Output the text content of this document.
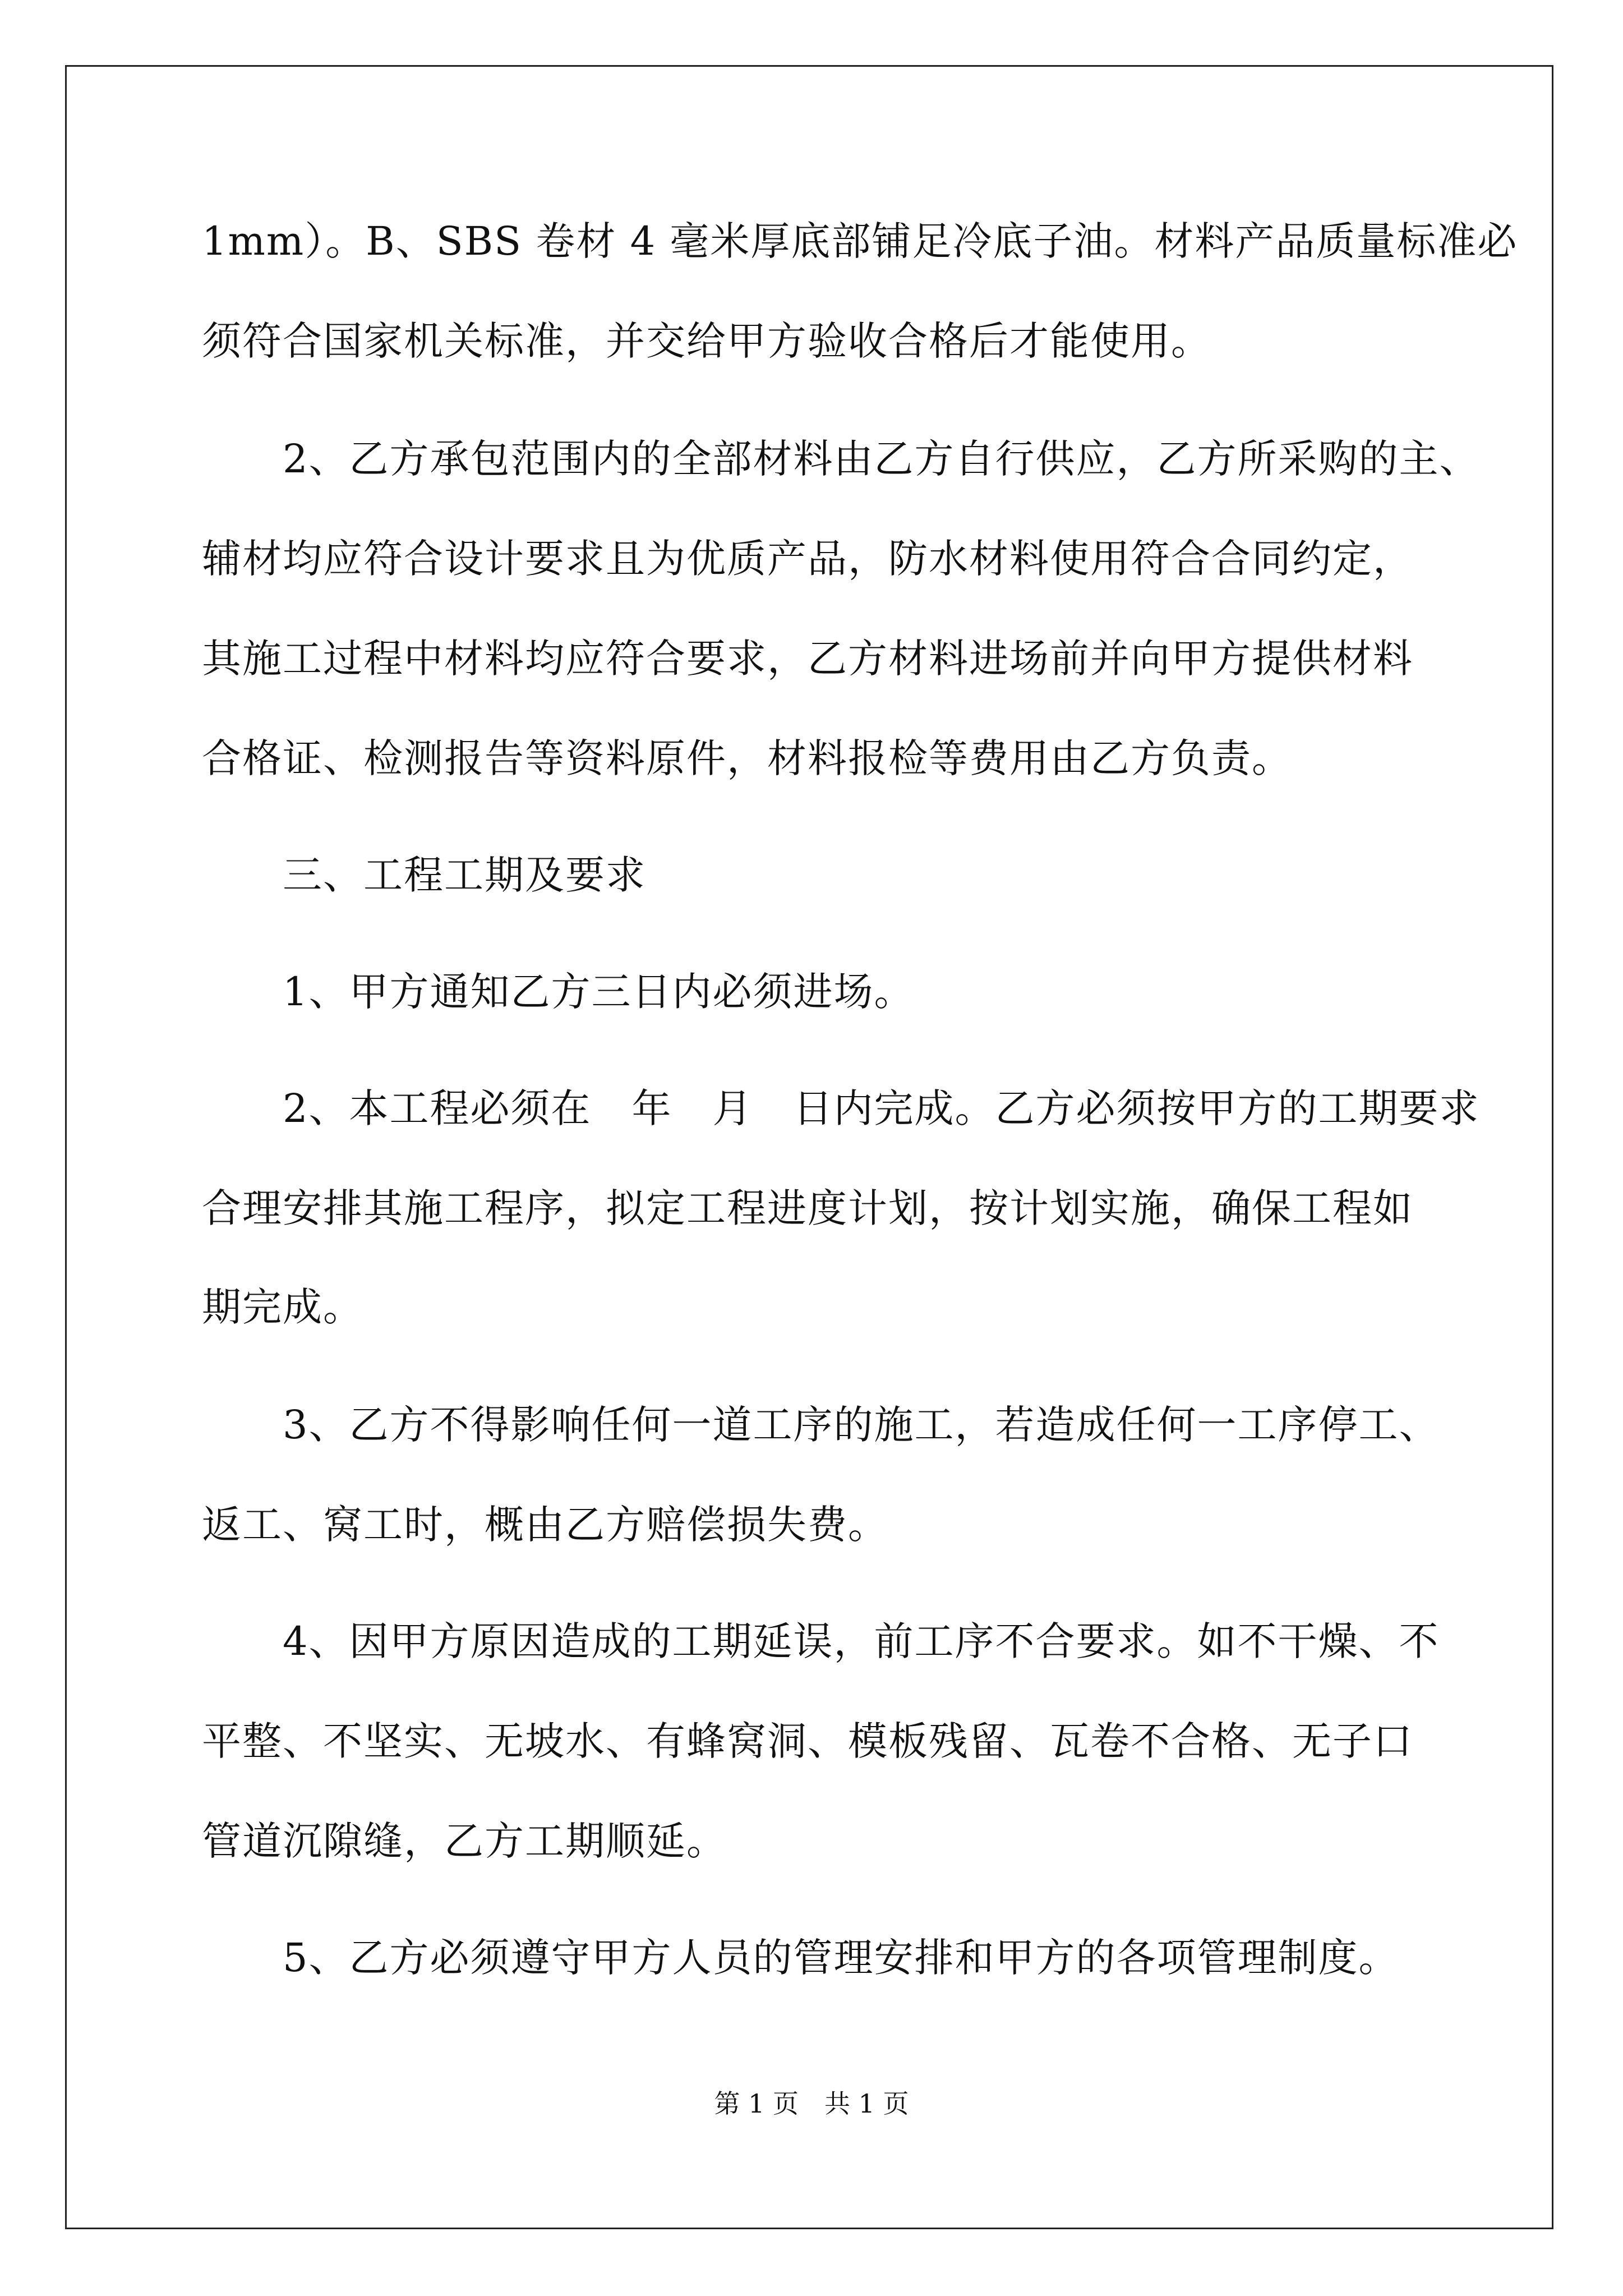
1mm）。B、SBS 卷材 4 毫米厚底部铺足冷底子油。材料产品质量标准必
须符合国家机关标准，并交给甲方验收合格后才能使用。
　　2、乙方承包范围内的全部材料由乙方自行供应，乙方所采购的主、
辅材均应符合设计要求且为优质产品，防水材料使用符合合同约定，
其施工过程中材料均应符合要求，乙方材料进场前并向甲方提供材料
合格证、检测报告等资料原件，材料报检等费用由乙方负责。
　　三、工程工期及要求
　　1、甲方通知乙方三日内必须进场。
　　2、本工程必须在　年　月　日内完成。乙方必须按甲方的工期要求
合理安排其施工程序，拟定工程进度计划，按计划实施，确保工程如
期完成。
　　3、乙方不得影响任何一道工序的施工，若造成任何一工序停工、
返工、窝工时，概由乙方赔偿损失费。
　　4、因甲方原因造成的工期延误，前工序不合要求。如不干燥、不
平整、不坚实、无坡水、有蜂窝洞、模板残留、瓦卷不合格、无子口
管道沉隙缝，乙方工期顺延。
　　5、乙方必须遵守甲方人员的管理安排和甲方的各项管理制度。
第 1 页　共 1 页
